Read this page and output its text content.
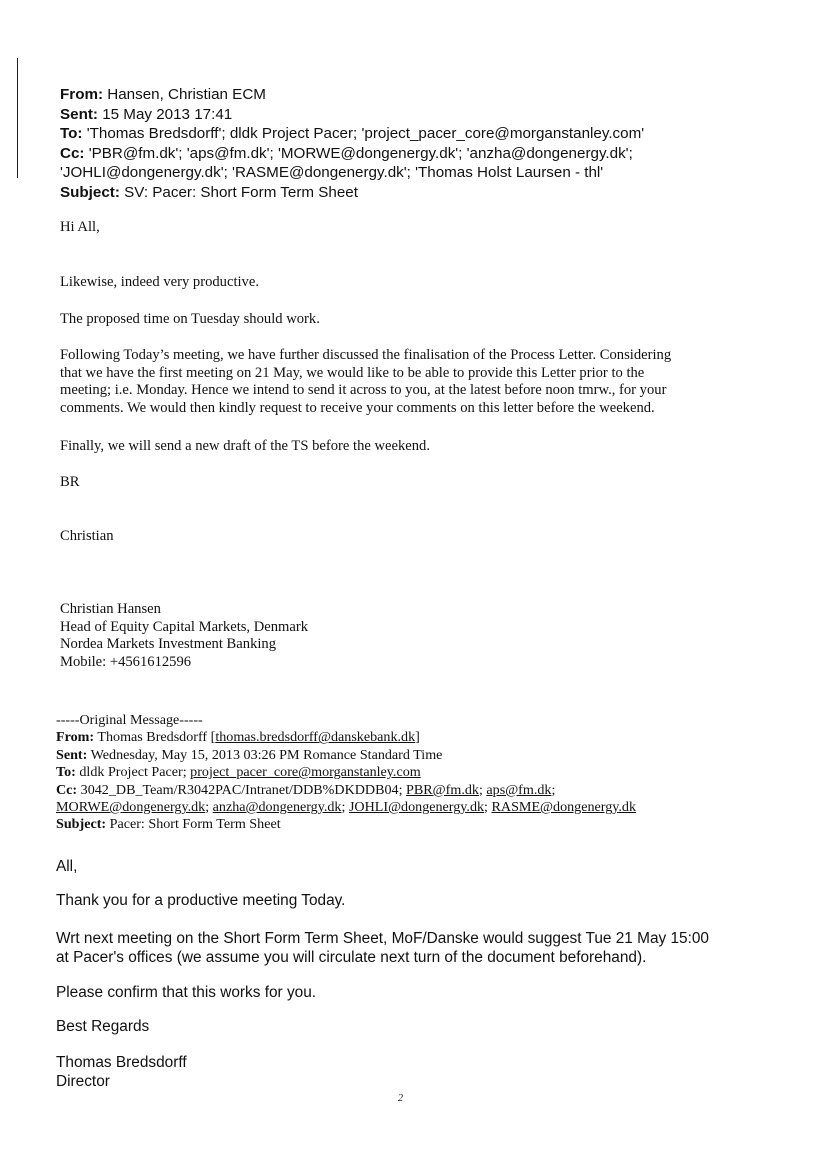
From: Hansen, Christian ECM
Sent: 15 May 2013 17:41
To: 'Thomas Bredsdorff'; dldk Project Pacer; 'project_pacer_core@morganstanley.com'
Cc: 'PBR@fm.dk'; 'aps@fm.dk'; 'MORWE@dongenergy.dk'; 'anzha@dongenergy.dk';
'JOHLI@dongenergy.dk'; 'RASME@dongenergy.dk'; 'Thomas Holst Laursen - thl'
Subject: SV: Pacer: Short Form Term Sheet
Hi All,
Likewise, indeed very productive.
The proposed time on Tuesday should work.

Following Today’s meeting, we have further discussed the finalisation of the Process Letter. Considering

that we have the first meeting on 21 May, we would like to be able to provide this Letter prior to the

meeting; i.e. Monday. Hence we intend to send it across to you, at the latest before noon tmrw., for your

comments. We would then kindly request to receive your comments on this letter before the weekend.

Finally, we will send a new draft of the TS before the weekend.
BR
Christian
Christian Hansen
Head of Equity Capital Markets, Denmark
Nordea Markets Investment Banking
Mobile: +4561612596
-----Original Message-----
From: Thomas Bredsdorff [thomas.bredsdorff@danskebank.dk]
Sent: Wednesday, May 15, 2013 03:26 PM Romance Standard Time
To: dldk Project Pacer; project_pacer_core@morganstanley.com
Cc: 3042_DB_Team/R3042PAC/Intranet/DDB%DKDDB04; PBR@fm.dk; aps@fm.dk;
MORWE@dongenergy.dk; anzha@dongenergy.dk; JOHLI@dongenergy.dk; RASME@dongenergy.dk
Subject: Pacer: Short Form Term Sheet
All,
Thank you for a productive meeting Today.

Wrt next meeting on the Short Form Term Sheet, MoF/Danske would suggest Tue 21 May 15:00

at Pacer's offices (we assume you will circulate next turn of the document beforehand).

Please confirm that this works for you.
Best Regards

Thomas Bredsdorff

Director

2
